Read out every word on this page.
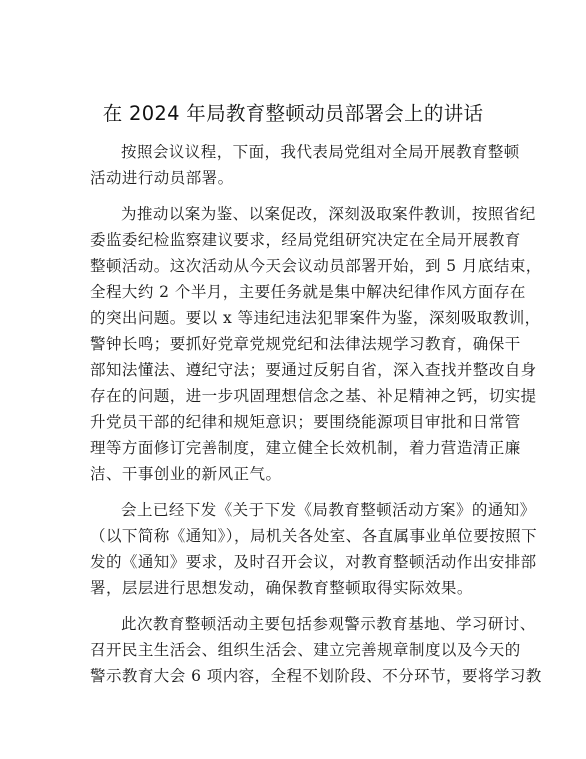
在 2024 年局教育整顿动员部署会上的讲话
按照会议议程，下面，我代表局党组对全局开展教育整顿
活动进行动员部署。
为推动以案为鉴、以案促改，深刻汲取案件教训，按照省纪
委监委纪检监察建议要求，经局党组研究决定在全局开展教育
整顿活动。这次活动从今天会议动员部署开始，到 5 月底结束，
全程大约 2 个半月，主要任务就是集中解决纪律作风方面存在
的突出问题。要以 x 等违纪违法犯罪案件为鉴，深刻吸取教训，
警钟长鸣；要抓好党章党规党纪和法律法规学习教育，确保干
部知法懂法、遵纪守法；要通过反躬自省，深入查找并整改自身
存在的问题，进一步巩固理想信念之基、补足精神之钙，切实提
升党员干部的纪律和规矩意识；要围绕能源项目审批和日常管
理等方面修订完善制度，建立健全长效机制，着力营造清正廉
洁、干事创业的新风正气。
会上已经下发《关于下发《局教育整顿活动方案》的通知》
（以下简称《通知》），局机关各处室、各直属事业单位要按照下
发的《通知》要求，及时召开会议，对教育整顿活动作出安排部
署，层层进行思想发动，确保教育整顿取得实际效果。
此次教育整顿活动主要包括参观警示教育基地、学习研讨、
召开民主生活会、组织生活会、建立完善规章制度以及今天的
警示教育大会 6 项内容，全程不划阶段、不分环节，要将学习教
